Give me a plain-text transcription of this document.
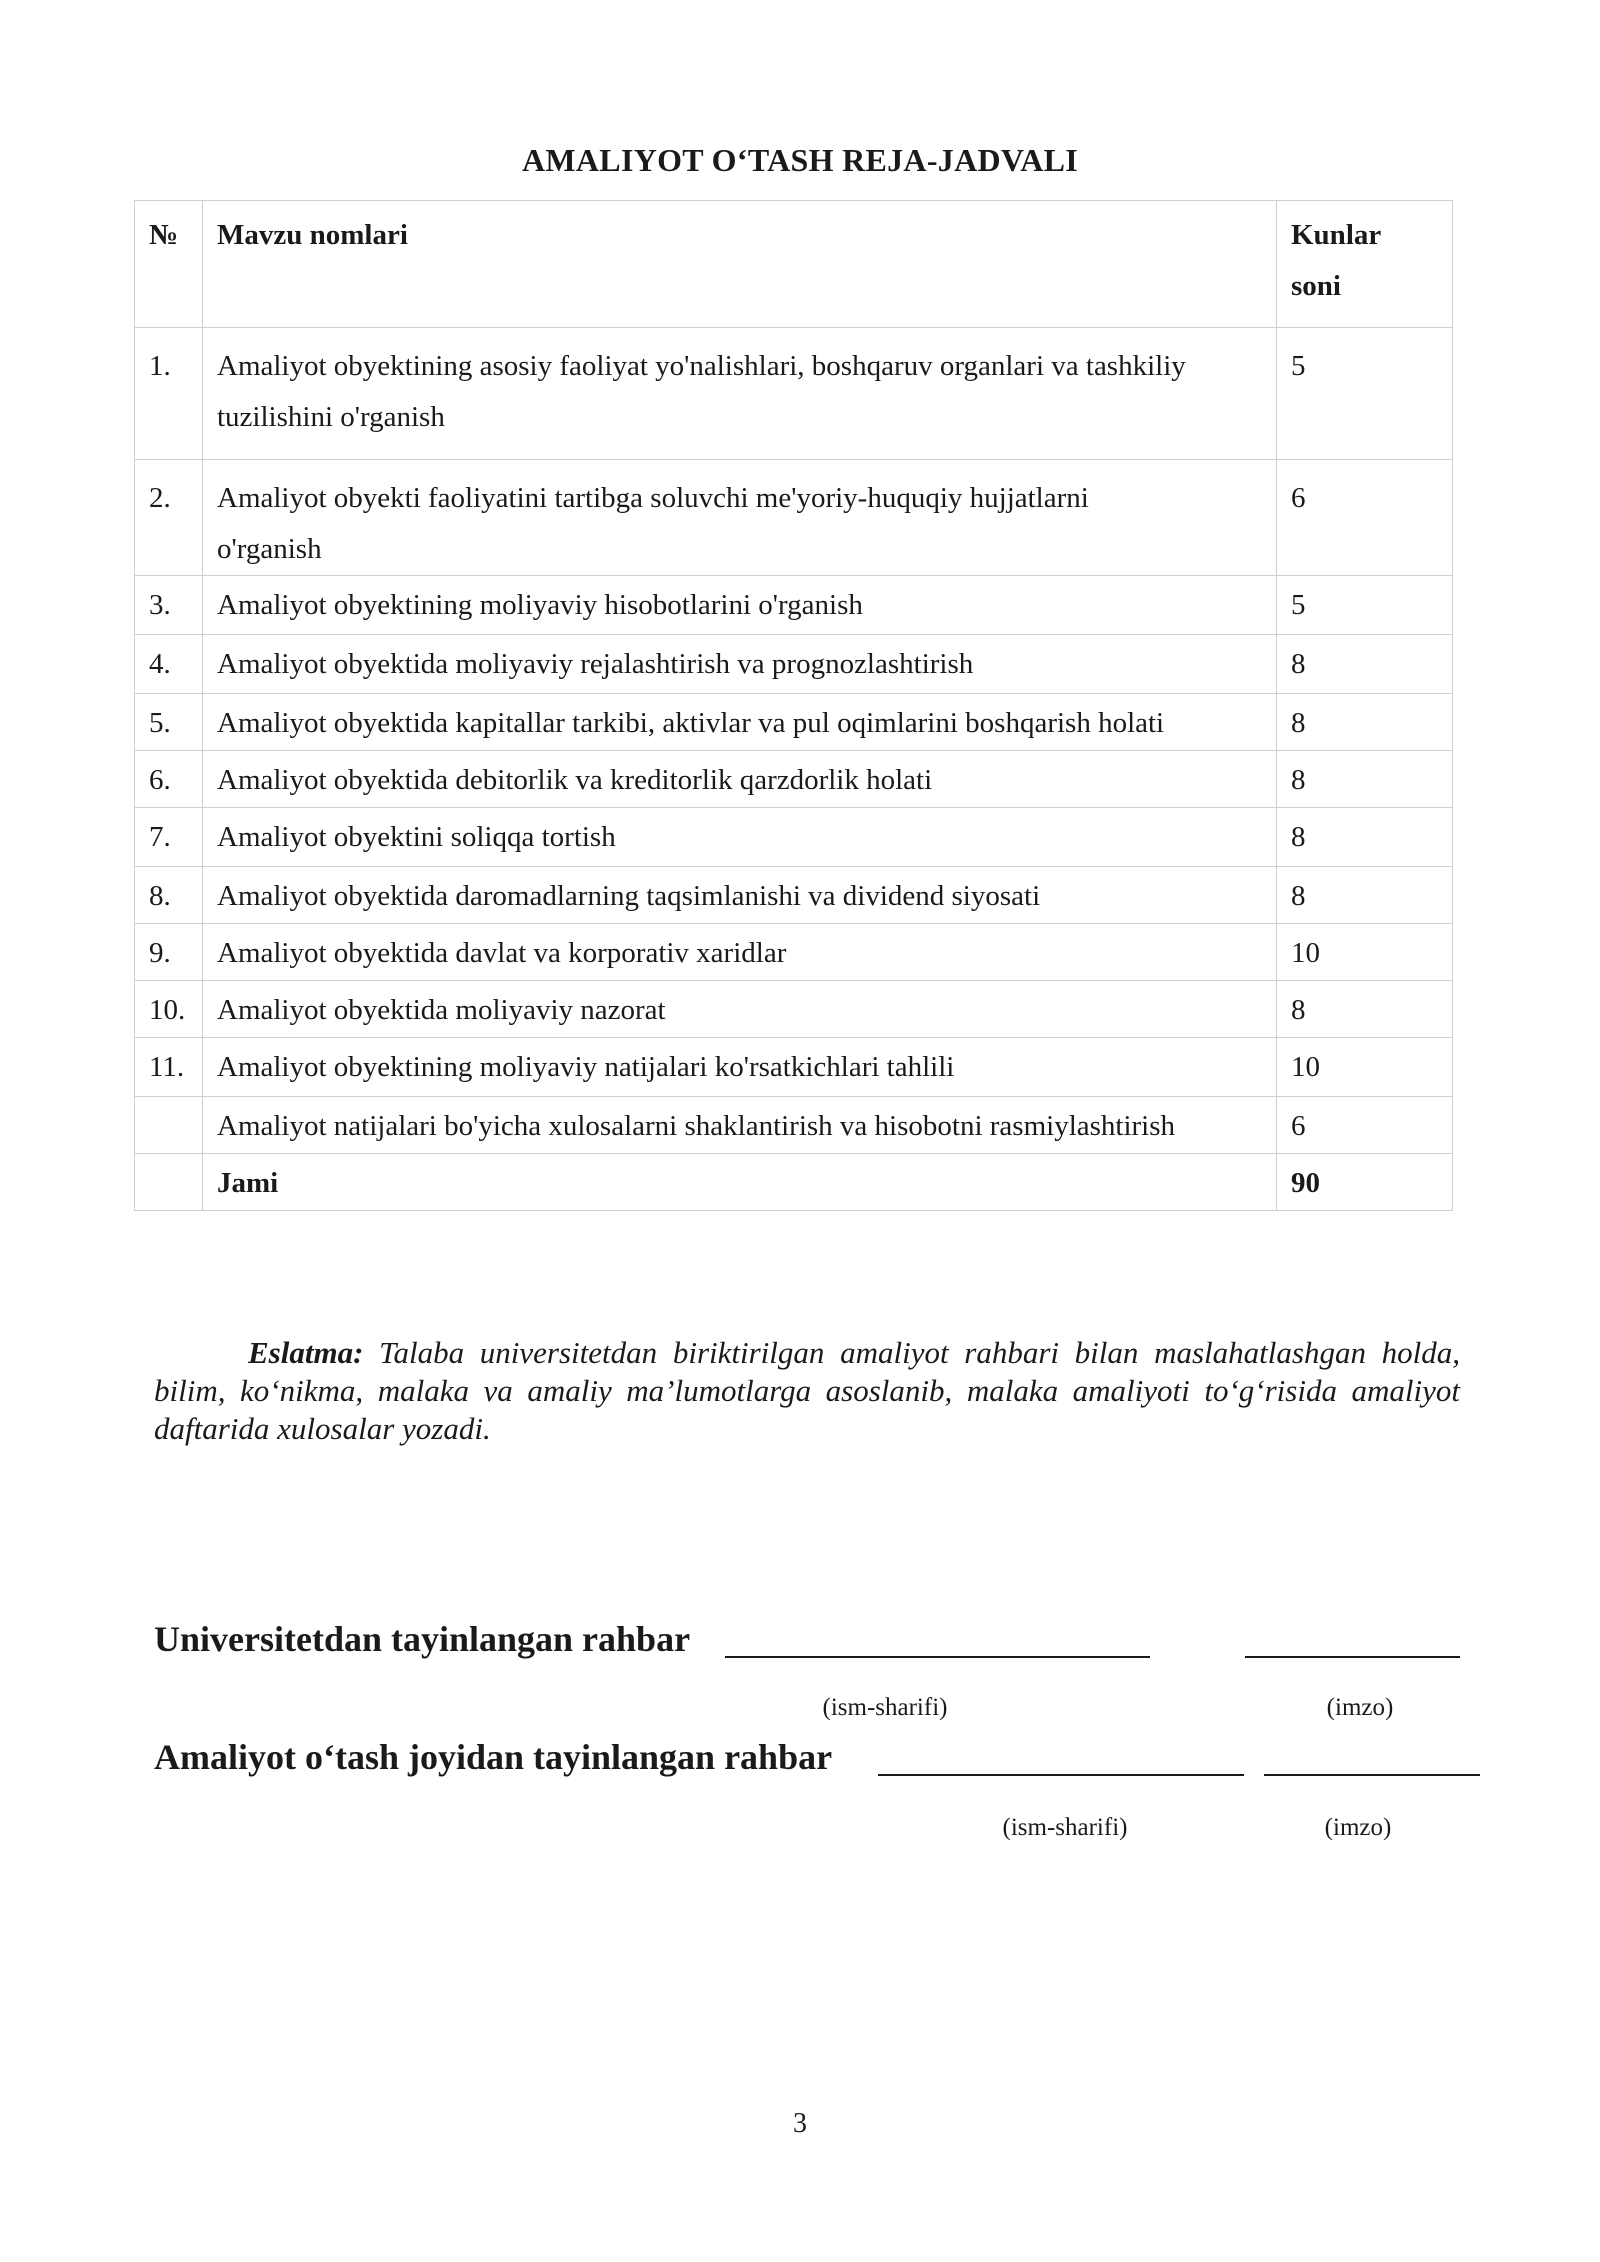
AMALIYOT O‘TASH REJA-JADVALI
№	Mavzu nomlari	Kunlar soni
1.	Amaliyot obyektining asosiy faoliyat yo'nalishlari, boshqaruv organlari va tashkiliy tuzilishini o'rganish	5
2.	Amaliyot obyekti faoliyatini tartibga soluvchi me'yoriy-huquqiy hujjatlarni o'rganish	6
3.	Amaliyot obyektining moliyaviy hisobotlarini o'rganish	5
4.	Amaliyot obyektida moliyaviy rejalashtirish va prognozlashtirish	8
5.	Amaliyot obyektida kapitallar tarkibi, aktivlar va pul oqimlarini boshqarish holati	8
6.	Amaliyot obyektida debitorlik va kreditorlik qarzdorlik holati	8
7.	Amaliyot obyektini soliqqa tortish	8
8.	Amaliyot obyektida daromadlarning taqsimlanishi va dividend siyosati	8
9.	Amaliyot obyektida davlat va korporativ xaridlar	10
10.	Amaliyot obyektida moliyaviy nazorat	8
11.	Amaliyot obyektining moliyaviy natijalari ko'rsatkichlari tahlili	10
	Amaliyot natijalari bo'yicha xulosalarni shaklantirish va hisobotni rasmiylashtirish	6
	Jami	90
Eslatma: Talaba universitetdan biriktirilgan amaliyot rahbari bilan maslahatlashgan holda, bilim, ko‘nikma, malaka va amaliy ma’lumotlarga asoslanib, malaka amaliyoti to‘g‘risida amaliyot daftarida xulosalar yozadi.
Universitetdan tayinlangan rahbar
(ism-sharifi)	(imzo)
Amaliyot o‘tash joyidan tayinlangan rahbar
(ism-sharifi)	(imzo)
3
